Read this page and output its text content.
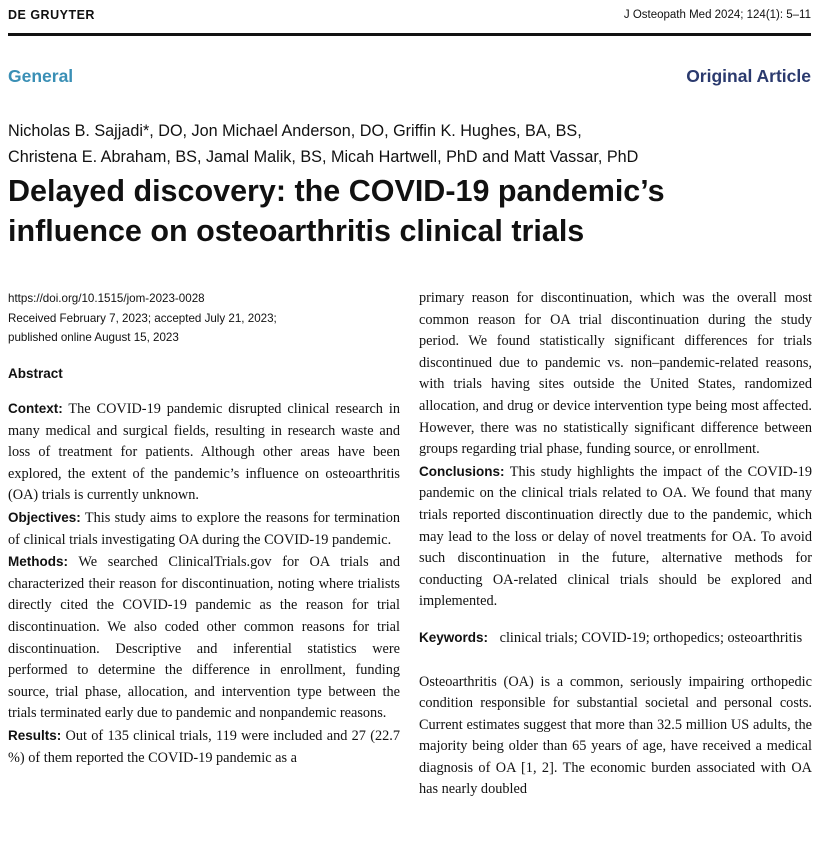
DE GRUYTER	J Osteopath Med 2024; 124(1): 5–11
General	Original Article
Nicholas B. Sajjadi*, DO, Jon Michael Anderson, DO, Griffin K. Hughes, BA, BS,
Christena E. Abraham, BS, Jamal Malik, BS, Micah Hartwell, PhD and Matt Vassar, PhD
Delayed discovery: the COVID-19 pandemic’s
influence on osteoarthritis clinical trials
https://doi.org/10.1515/jom-2023-0028
Received February 7, 2023; accepted July 21, 2023;
published online August 15, 2023
Abstract
Context: The COVID-19 pandemic disrupted clinical research in many medical and surgical fields, resulting in research waste and loss of treatment for patients. Although other areas have been explored, the extent of the pandemic’s influence on osteoarthritis (OA) trials is currently unknown.
Objectives: This study aims to explore the reasons for termination of clinical trials investigating OA during the COVID-19 pandemic.
Methods: We searched ClinicalTrials.gov for OA trials and characterized their reason for discontinuation, noting where trialists directly cited the COVID-19 pandemic as the reason for trial discontinuation. We also coded other common reasons for trial discontinuation. Descriptive and inferential statistics were performed to determine the difference in enrollment, funding source, trial phase, allocation, and intervention type between the trials terminated early due to pandemic and nonpandemic reasons.
Results: Out of 135 clinical trials, 119 were included and 27 (22.7 %) of them reported the COVID-19 pandemic as a
primary reason for discontinuation, which was the overall most common reason for OA trial discontinuation during the study period. We found statistically significant differences for trials discontinued due to pandemic vs. non–pandemic-related reasons, with trials having sites outside the United States, randomized allocation, and drug or device intervention type being most affected. However, there was no statistically significant difference between groups regarding trial phase, funding source, or enrollment.
Conclusions: This study highlights the impact of the COVID-19 pandemic on the clinical trials related to OA. We found that many trials reported discontinuation directly due to the pandemic, which may lead to the loss or delay of novel treatments for OA. To avoid such discontinuation in the future, alternative methods for conducting OA-related clinical trials should be explored and implemented.
Keywords: clinical trials; COVID-19; orthopedics; osteoarthritis
Osteoarthritis (OA) is a common, seriously impairing orthopedic condition responsible for substantial societal and personal costs. Current estimates suggest that more than 32.5 million US adults, the majority being older than 65 years of age, have received a medical diagnosis of OA [1, 2]. The economic burden associated with OA has nearly doubled
